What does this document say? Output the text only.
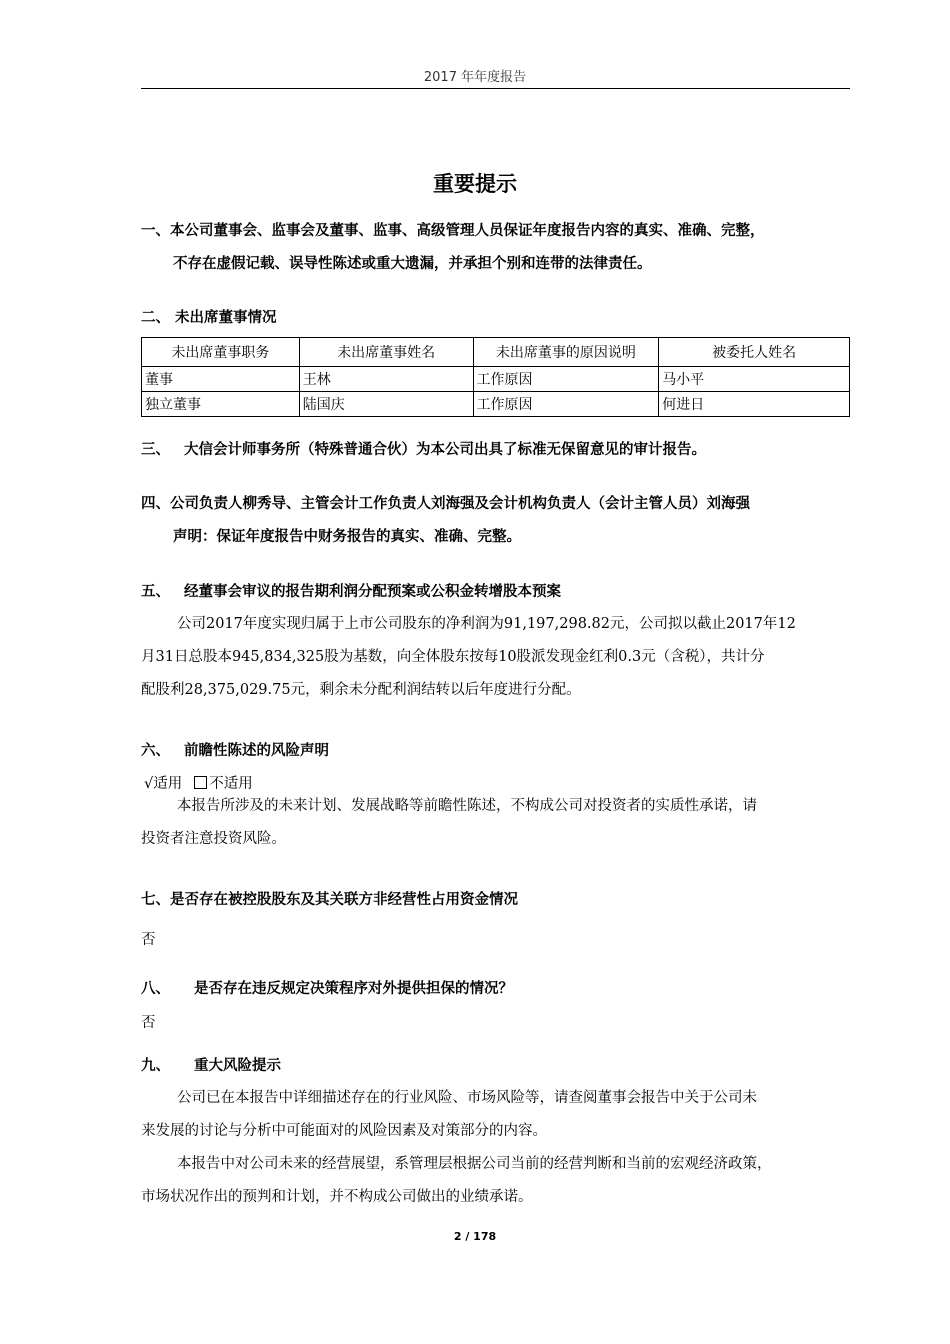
2017 年年度报告
重要提示
一、本公司董事会、监事会及董事、监事、高级管理人员保证年度报告内容的真实、准确、完整，
不存在虚假记载、误导性陈述或重大遗漏，并承担个别和连带的法律责任。
二、 未出席董事情况
未出席董事职务	未出席董事姓名	未出席董事的原因说明	被委托人姓名
董事	王林	工作原因	马小平
独立董事	陆国庆	工作原因	何进日
三、 大信会计师事务所（特殊普通合伙）为本公司出具了标准无保留意见的审计报告。
四、公司负责人柳秀导、主管会计工作负责人刘海强及会计机构负责人（会计主管人员）刘海强
声明：保证年度报告中财务报告的真实、准确、完整。
五、 经董事会审议的报告期利润分配预案或公积金转增股本预案
公司2017年度实现归属于上市公司股东的净利润为91,197,298.82元，公司拟以截止2017年12
月31日总股本945,834,325股为基数，向全体股东按每10股派发现金红利0.3元（含税），共计分
配股利28,375,029.75元，剩余未分配利润结转以后年度进行分配。
六、 前瞻性陈述的风险声明
√适用 不适用
本报告所涉及的未来计划、发展战略等前瞻性陈述，不构成公司对投资者的实质性承诺，请
投资者注意投资风险。
七、是否存在被控股股东及其关联方非经营性占用资金情况
否
八、 是否存在违反规定决策程序对外提供担保的情况？
否
九、 重大风险提示
公司已在本报告中详细描述存在的行业风险、市场风险等，请查阅董事会报告中关于公司未
来发展的讨论与分析中可能面对的风险因素及对策部分的内容。
本报告中对公司未来的经营展望，系管理层根据公司当前的经营判断和当前的宏观经济政策，
市场状况作出的预判和计划，并不构成公司做出的业绩承诺。
2 / 178
